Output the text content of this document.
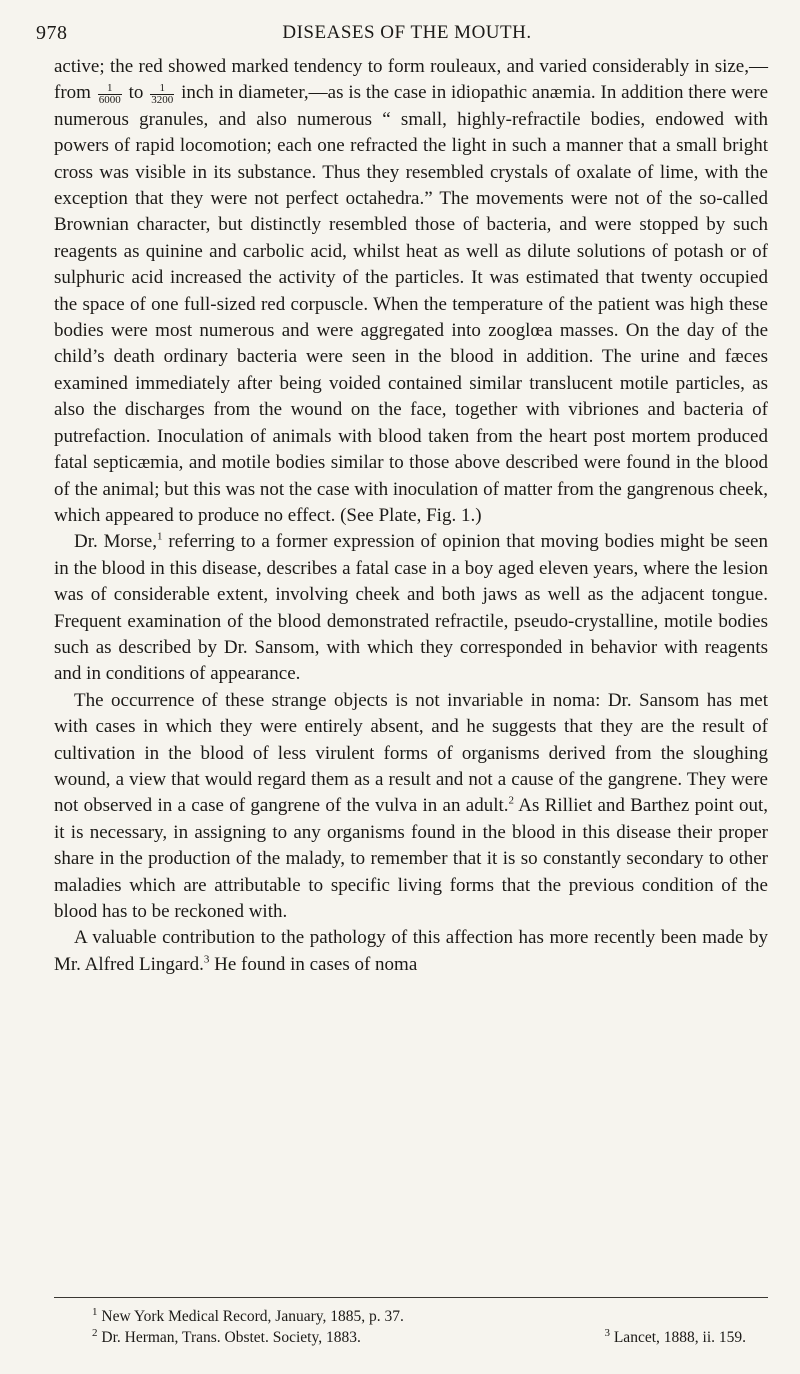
978	DISEASES OF THE MOUTH.

active; the red showed marked tendency to form rouleaux, and varied considerably in size,—from $\frac{1}{6000}$ to $\frac{1}{3200}$ inch in diameter,—as is the case in idiopathic anæmia. In addition there were numerous granules, and also numerous “ small, highly-refractile bodies, endowed with powers of rapid locomotion; each one refracted the light in such a manner that a small bright cross was visible in its substance. Thus they resembled crystals of oxalate of lime, with the exception that they were not perfect octahedra.” The movements were not of the so-called Brownian character, but distinctly resembled those of bacteria, and were stopped by such reagents as quinine and carbolic acid, whilst heat as well as dilute solutions of potash or of sulphuric acid increased the activity of the particles. It was estimated that twenty occupied the space of one full-sized red corpuscle. When the temperature of the patient was high these bodies were most numerous and were aggregated into zooglœa masses. On the day of the child’s death ordinary bacteria were seen in the blood in addition. The urine and fæces examined immediately after being voided contained similar translucent motile particles, as also the discharges from the wound on the face, together with vibriones and bacteria of putrefaction. Inoculation of animals with blood taken from the heart post mortem produced fatal septicæmia, and motile bodies similar to those above described were found in the blood of the animal; but this was not the case with inoculation of matter from the gangrenous cheek, which appeared to produce no effect. (See Plate, Fig. 1.)

Dr. Morse,$^1$ referring to a former expression of opinion that moving bodies might be seen in the blood in this disease, describes a fatal case in a boy aged eleven years, where the lesion was of considerable extent, involving cheek and both jaws as well as the adjacent tongue. Frequent examination of the blood demonstrated refractile, pseudo-crystalline, motile bodies such as described by Dr. Sansom, with which they corresponded in behavior with reagents and in conditions of appearance.

The occurrence of these strange objects is not invariable in noma: Dr. Sansom has met with cases in which they were entirely absent, and he suggests that they are the result of cultivation in the blood of less virulent forms of organisms derived from the sloughing wound, a view that would regard them as a result and not a cause of the gangrene. They were not observed in a case of gangrene of the vulva in an adult.$^2$ As Rilliet and Barthez point out, it is necessary, in assigning to any organisms found in the blood in this disease their proper share in the production of the malady, to remember that it is so constantly secondary to other maladies which are attributable to specific living forms that the previous condition of the blood has to be reckoned with.

A valuable contribution to the pathology of this affection has more recently been made by Mr. Alfred Lingard.$^3$ He found in cases of noma

$^1$ New York Medical Record, January, 1885, p. 37.
$^2$ Dr. Herman, Trans. Obstet. Society, 1883.	$^3$ Lancet, 1888, ii. 159.
